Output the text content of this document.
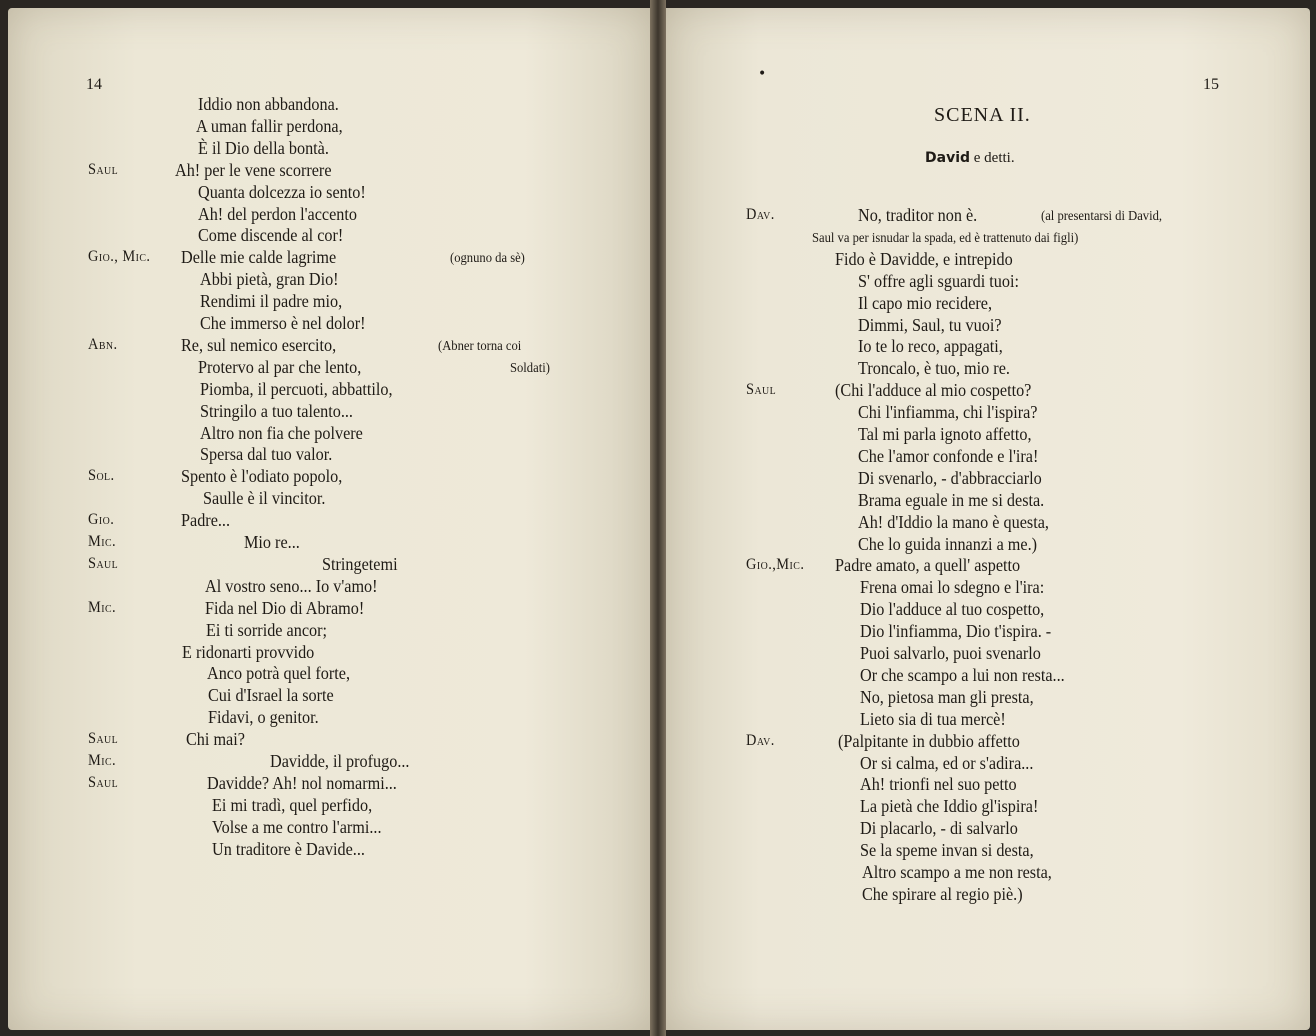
14	15
•
SCENA II.
David e detti.
Iddio non abbandona.
A uman fallir perdona,
È il Dio della bontà.
Saul	Ah! per le vene scorrere
Quanta dolcezza io sento!
Ah! del perdon l'accento
Come discende al cor!
Gio., Mic. Delle mie calde lagrime	(ognuno da sè)
Abbi pietà, gran Dio!
Rendimi il padre mio,
Che immerso è nel dolor!
Abn.	Re, sul nemico esercito,	(Abner torna coi
Protervo al par che lento,	Soldati)
Piomba, il percuoti, abbattilo,
Stringilo a tuo talento...
Altro non fia che polvere
Spersa dal tuo valor.
Sol.	Spento è l'odiato popolo,
Saulle è il vincitor.
Gio.	Padre...
Mic.	Mio re...
Saul	Stringetemi
Al vostro seno... Io v'amo!
Mic.	Fida nel Dio di Abramo!
Ei ti sorride ancor;
E ridonarti provvido
Anco potrà quel forte,
Cui d'Israel la sorte
Fidavi, o genitor.
Saul	Chi mai?
Mic.	Davidde, il profugo...
Saul	Davidde? Ah! nol nomarmi...
Ei mi tradì, quel perfido,
Volse a me contro l'armi...
Un traditore è Davide...
Dav.	No, traditor non è.	(al presentarsi di David,
Saul va per isnudar la spada, ed è trattenuto dai figli)
Fido è Davidde, e intrepido
S' offre agli sguardi tuoi:
Il capo mio recidere,
Dimmi, Saul, tu vuoi?
Io te lo reco, appagati,
Troncalo, è tuo, mio re.
Saul	(Chi l'adduce al mio cospetto?
Chi l'infiamma, chi l'ispira?
Tal mi parla ignoto affetto,
Che l'amor confonde e l'ira!
Di svenarlo, - d'abbracciarlo
Brama eguale in me si desta.
Ah! d'Iddio la mano è questa,
Che lo guida innanzi a me.)
Gio.,Mic. Padre amato, a quell' aspetto
Frena omai lo sdegno e l'ira:
Dio l'adduce al tuo cospetto,
Dio l'infiamma, Dio t'ispira. -
Puoi salvarlo, puoi svenarlo
Or che scampo a lui non resta...
No, pietosa man gli presta,
Lieto sia di tua mercè!
Dav.	(Palpitante in dubbio affetto
Or si calma, ed or s'adira...
Ah! trionfi nel suo petto
La pietà che Iddio gl'ispira!
Di placarlo, - di salvarlo
Se la speme invan si desta,
Altro scampo a me non resta,
Che spirare al regio piè.)
